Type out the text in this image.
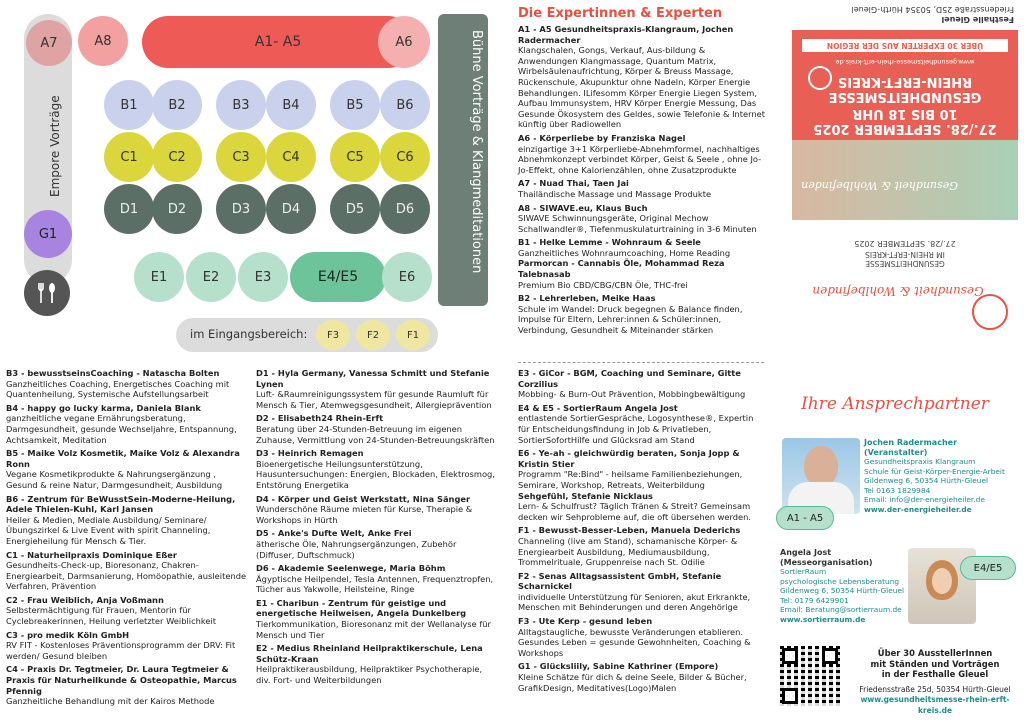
A7
Empore Vorträge
A8	A1- A5	A6	Bühne Vorträge & Klangmeditationen
G1
B1	B2	B3	B4	B5	B6
C1	C2	C3	C4	C5	C6
D1	D2	D3	D4	D5	D6
E1	E2	E3	E4/E5	E6
im Eingangsbereich:	F3	F2	F1
B3 - bewusstseinsCoaching - Natascha Bolten
Ganzheitliches Coaching, Energetisches Coaching mit Quantenheilung, Systemische Aufstellungsarbeit
B4 - happy go lucky karma, Daniela Blank
ganzheitliche vegane Ernährungsberatung, Darmgesundheit, gesunde Wechseljahre, Entspannung, Achtsamkeit, Meditation
B5 - Maike Volz Kosmetik, Maike Volz & Alexandra Ronn
Vegane Kosmetikprodukte & Nahrungsergänzung , Gesund & reine Natur, Darmgesundheit, Ausbildung
B6 - Zentrum für BeWusstSein-Moderne-Heilung, Adele Thielen-Kuhl, Karl Jansen
Heiler & Medien, Mediale Ausbildung/ Seminare/ Übungszirkel & Live Event with spirit Channeling, Energieheilung für Mensch & Tier.
C1 - Naturheilpraxis Dominique Eßer
Gesundheits-Check-up, Bioresonanz, Chakren-Energiearbeit, Darmsanierung, Homöopathie, ausleitende Verfahren, Prävention
C2 - Frau Weiblich, Anja Voßmann
Selbstermächtigung für Frauen, Mentorin für Cyclebreakerinnen, Heilung verletzter Weiblichkeit
C3 - pro medik Köln GmbH
RV FIT - Kostenloses Präventionsprogramm der DRV: Fit werden/ Gesund bleiben
C4 - Praxis Dr. Tegtmeier, Dr. Laura Tegtmeier & Praxis für Naturheilkunde & Osteopathie, Marcus Pfennig
Ganzheitliche Behandlung mit der Kairos Methode
D1 - Hyla Germany, Vanessa Schmitt und Stefanie Lynen
Luft- &Raumreinigungssystem für gesunde Raumluft für Mensch & Tier, Atemwegsgesundheit, Allergieprävention
D2 - Elisabeth24 Rhein-Erft
Beratung über 24-Stunden-Betreuung im eigenen Zuhause, Vermittlung von 24-Stunden-Betreuungskräften
D3 - Heinrich Remagen
Bioenergetische Heilungsunterstützung, Hausuntersuchungen: Energien, Blockaden, Elektrosmog, Entstörung Energetika
D4 - Körper und Geist Werkstatt, Nina Sänger
Wunderschöne Räume mieten für Kurse, Therapie & Workshops in Hürth
D5 - Anke's Dufte Welt, Anke Frei
ätherische Öle, Nahrungsergänzungen, Zubehör (Diffuser, Duftschmuck)
D6 - Akademie Seelenwege, Maria Böhm
Ägyptische Heilpendel, Tesla Antennen, Frequenztropfen, Tücher aus Yakwolle, Heilsteine, Ringe
E1 - Charibun - Zentrum für geistige und energetische Heilweisen, Angela Dunkelberg
Tierkommunikation, Bioresonanz mit der Wellanalyse für Mensch und Tier
E2 - Medius Rheinland Heilpraktikerschule, Lena Schütz-Kraan
Heilpraktikerausbildung, Heilpraktiker Psychotherapie, div. Fort- und Weiterbildungen
Die Expertinnen & Experten
A1 - A5 Gesundheitspraxis-Klangraum, Jochen Radermacher
Klangschalen, Gongs, Verkauf, Aus-bildung & Anwendungen Klangmassage, Quantum Matrix, Wirbelsäulenaufrichtung, Körper & Breuss Massage, Rückenschule, Akupunktur ohne Nadeln, Körper Energie Behandlungen. ILifesomm Körper Energie Liegen System, Aufbau Immunsystem, HRV Körper Energie Messung, Das Gesunde Ökosystem des Geldes, sowie Telefonie & Internet künftig über Radiowellen
A6 - Körperliebe by Franziska Nagel
einzigartige 3+1 Körperliebe-Abnehmformel, nachhaltiges Abnehmkonzept verbindet Körper, Geist & Seele , ohne Jo-Jo-Effekt, ohne Kalorienzählen, ohne Zusatzprodukte
A7 - Nuad Thai, Taen Jai
Thailändische Massage und Massage Produkte
A8 - SIWAVE.eu, Klaus Buch
SIWAVE Schwinnungsgeräte, Original Mechow Schallwandler®, Tiefenmuskulaturtraining in 3-6 Minuten
B1 - Helke Lemme - Wohnraum & Seele
Ganzheitliches Wohnraumcoaching, Home Reading
Parmorcan - Cannabis Öle, Mohammad Reza Talebnasab
Premium Bio CBD/CBG/CBN Öle, THC-frei
B2 - Lehrerleben, Meike Haas
Schule im Wandel: Druck begegnen & Balance finden, Impulse für Eltern, Lehrer:innen & Schüler:innen, Verbindung, Gesundheit & Miteinander stärken
E3 - GiCor - BGM, Coaching und Seminare, Gitte Corzilius
Mobbing- & Burn-Out Prävention, Mobbingbewältigung
E4 & E5 - SortierRaum Angela Jost
entlastende SortierGespräche, Logosynthese®, Expertin für Entscheidungsfindung in Job & Privatleben, SortierSofortHilfe und Glücksrad am Stand
E6 - Ye-ah - gleichwürdig beraten, Sonja Jopp & Kristin Stier
Programm "Re:Bind" - heilsame Familienbeziehungen, Semirare, Workshop, Retreats, Weiterbildung
Sehgefühl, Stefanie Nicklaus
Lern- & Schulfrust? Täglich Tränen & Streit? Gemeinsam decken wir Sehprobleme auf, die oft übersehen werden.
F1 - Bewusst-Besser-Leben, Manuela Dederichs
Channeling (live am Stand), schamanische Körper- & Energiearbeit Ausbildung, Mediumausbildung, Trommelrituale, Gruppenreise nach St. Odilie
F2 - Senas Alltagsassistent GmbH, Stefanie Scharnickel
individuelle Unterstützung für Senioren, akut Erkrankte, Menschen mit Behinderungen und deren Angehörige
F3 - Ute Kerp - gesund leben
Alltagstaugliche, bewusste Veränderungen etablieren. Gesundes Leben = gesunde Gewohnheiten, Coaching & Workshops
G1 - Glücksliily, Sabine Kathriner (Empore)
Kleine Schätze für dich & deine Seele, Bilder & Bücher, GrafikDesign, Meditatives(Logo)Malen
Festhalle Gleuel
Friedensstraße 25D, 50354 Hürth-Gleuel
ÜBER 30 EXPERTEN AUS DER REGION
www.gesundheitsmesse-rhein-erft-kreis.de
GESUNDHEITSMESSE
RHEIN-ERFT-KREIS
27./28. SEPTEMBER 2025
10 BIS 18 UHR
Gesundheit & Wohlbefinden
27./28. SEPTEMBER 2025
GESUNDHEITSMESSE
IM RHEIN-ERFT-KREIS
Gesundheit & Wohlbefinden
Ihre Ansprechpartner
A1 - A5
Jochen Radermacher (Veranstalter)
Gesundheitspraxis Klangraum
Schule für Geist-Körper-Energie-Arbeit
Gildenweg 6, 50354 Hürth-Gleuel
Tel 0163 1829984
Email: info@der-energieheiler.de
www.der-energieheiler.de
Angela Jost
(Messeorganisation)
SortierRaum
psychologische Lebensberatung
Gildenweg 6, 50354 Hürth-Gleuel
Tel: 0179 6429901
Email: Beratung@sortierraum.de
www.sortierraum.de
E4/E5
Über 30 AusstellerInnen
mit Ständen und Vorträgen
in der Festhalle Gleuel
Friedensstraße 25d, 50354 Hürth-Gleuel
www.gesundheitsmesse-rhein-erft-kreis.de
